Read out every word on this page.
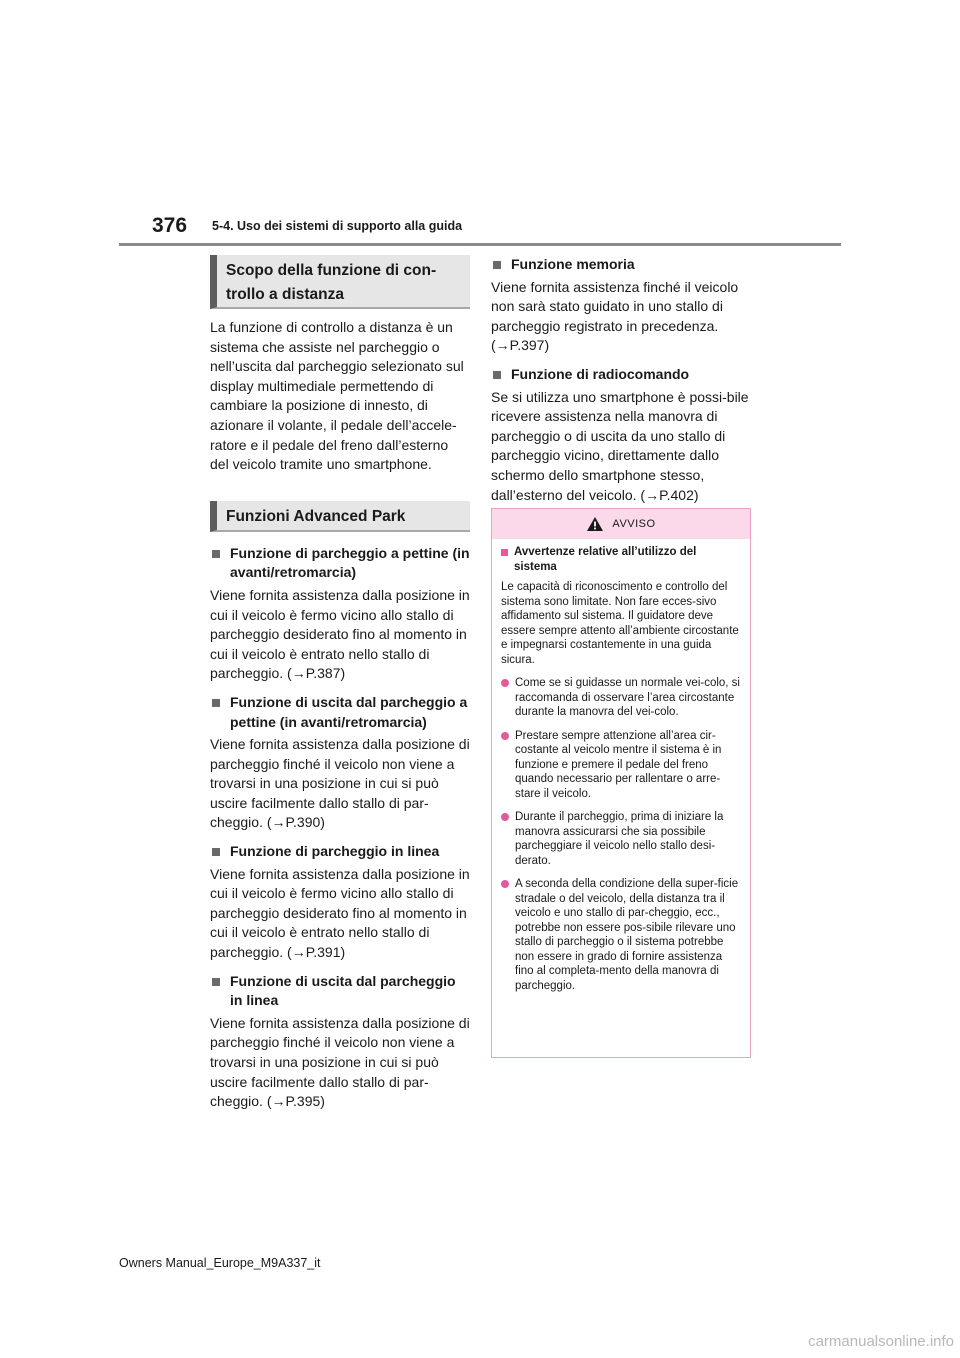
376 5-4. Uso dei sistemi di supporto alla guida
Scopo della funzione di con-
trollo a distanza

La funzione di controllo a distanza è un sistema che assiste nel parcheggio o nell’uscita dal parcheggio selezionato sul display multimediale permettendo di cambiare la posizione di innesto, di azionare il volante, il pedale dell’accele-ratore e il pedale del freno dall’esterno del veicolo tramite uno smartphone.

Funzioni Advanced Park
Funzione di parcheggio a pettine (in avanti/retromarcia)

Viene fornita assistenza dalla posizione in cui il veicolo è fermo vicino allo stallo di parcheggio desiderato fino al momento in cui il veicolo è entrato nello stallo di parcheggio. (→P.387)

Funzione di uscita dal parcheggio a pettine (in avanti/retromarcia)

Viene fornita assistenza dalla posizione di parcheggio finché il veicolo non viene a trovarsi in una posizione in cui si può uscire facilmente dallo stallo di par-cheggio. (→P.390)

Funzione di parcheggio in linea

Viene fornita assistenza dalla posizione in cui il veicolo è fermo vicino allo stallo di parcheggio desiderato fino al momento in cui il veicolo è entrato nello stallo di parcheggio. (→P.391)

Funzione di uscita dal parcheggio in linea

Viene fornita assistenza dalla posizione di parcheggio finché il veicolo non viene a trovarsi in una posizione in cui si può uscire facilmente dallo stallo di par-cheggio. (→P.395)

Funzione memoria

Viene fornita assistenza finché il veicolo non sarà stato guidato in uno stallo di parcheggio registrato in precedenza. (→P.397)

Funzione di radiocomando

Se si utilizza uno smartphone è possi-bile ricevere assistenza nella manovra di parcheggio o di uscita da uno stallo di parcheggio vicino, direttamente dallo schermo dello smartphone stesso, dall’esterno del veicolo. (→P.402)

AVVISO
Avvertenze relative all’utilizzo del sistema

Le capacità di riconoscimento e controllo del sistema sono limitate. Non fare ecces-sivo affidamento sul sistema. Il guidatore deve essere sempre attento all’ambiente circostante e impegnarsi costantemente in una guida sicura.

Come se si guidasse un normale vei-colo, si raccomanda di osservare l’area circostante durante la manovra del vei-colo.
Prestare sempre attenzione all’area cir-costante al veicolo mentre il sistema è in funzione e premere il pedale del freno quando necessario per rallentare o arre-stare il veicolo.
Durante il parcheggio, prima di iniziare la manovra assicurarsi che sia possibile parcheggiare il veicolo nello stallo desi-derato.
A seconda della condizione della super-ficie stradale o del veicolo, della distanza tra il veicolo e uno stallo di par-cheggio, ecc., potrebbe non essere pos-sibile rilevare uno stallo di parcheggio o il sistema potrebbe non essere in grado di fornire assistenza fino al completa-mento della manovra di parcheggio.
Owners Manual_Europe_M9A337_it
carmanualsonline.info
